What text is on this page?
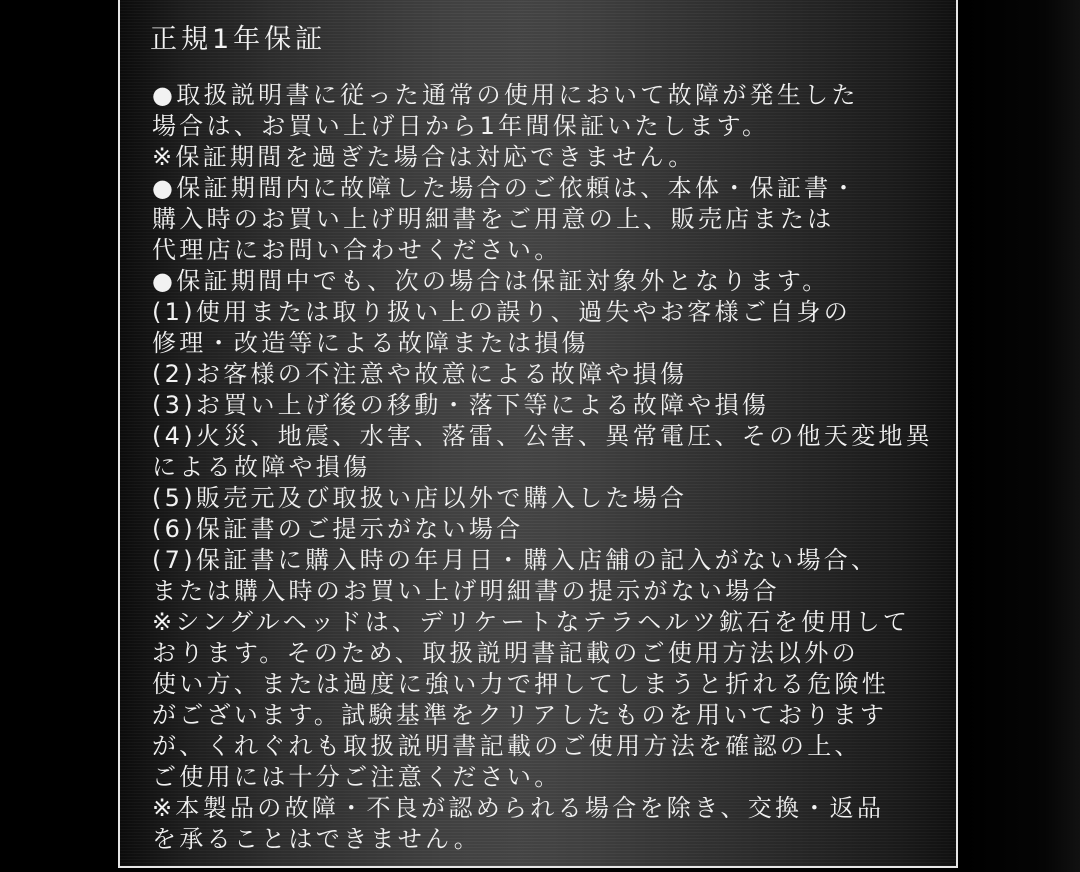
正規1年保証
●取扱説明書に従った通常の使用において故障が発生した
場合は、お買い上げ日から1年間保証いたします。
※保証期間を過ぎた場合は対応できません。
●保証期間内に故障した場合のご依頼は、本体・保証書・
購入時のお買い上げ明細書をご用意の上、販売店または
代理店にお問い合わせください。
●保証期間中でも、次の場合は保証対象外となります。
(1)使用または取り扱い上の誤り、過失やお客様ご自身の
修理・改造等による故障または損傷
(2)お客様の不注意や故意による故障や損傷
(3)お買い上げ後の移動・落下等による故障や損傷
(4)火災、地震、水害、落雷、公害、異常電圧、その他天変地異
による故障や損傷
(5)販売元及び取扱い店以外で購入した場合
(6)保証書のご提示がない場合
(7)保証書に購入時の年月日・購入店舗の記入がない場合、
または購入時のお買い上げ明細書の提示がない場合
※シングルヘッドは、デリケートなテラヘルツ鉱石を使用して
おります。そのため、取扱説明書記載のご使用方法以外の
使い方、または過度に強い力で押してしまうと折れる危険性
がございます。試験基準をクリアしたものを用いております
が、くれぐれも取扱説明書記載のご使用方法を確認の上、
ご使用には十分ご注意ください。
※本製品の故障・不良が認められる場合を除き、交換・返品
を承ることはできません。
